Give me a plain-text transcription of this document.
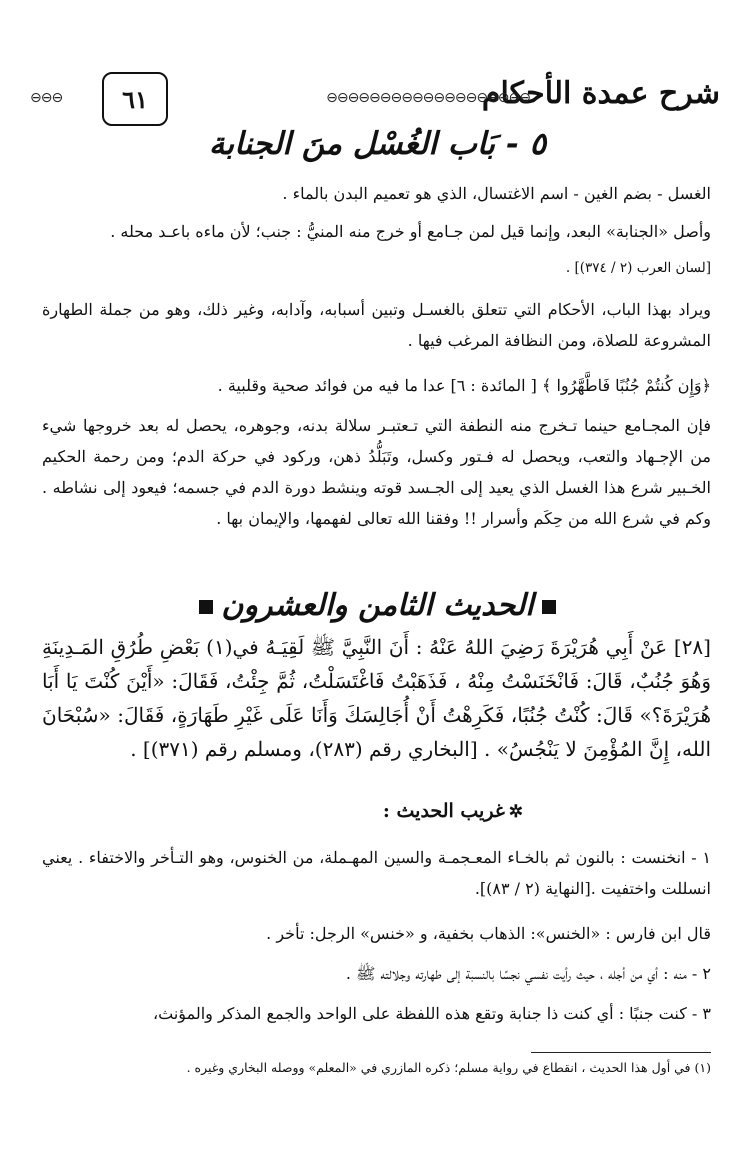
شرح عمدة الأحكام
⊖⊖⊖⊖⊖⊖⊖⊖⊖⊖⊖⊖⊖⊖⊖⊖⊖⊖⊖
٦١
⊖⊖⊖
٥ - بَاب الغُسْل منَ الجنابة
الغسل - بضم الغين - اسم الاغتسال، الذي هو تعميم البدن بالماء .
وأصل «الجنابة» البعد، وإنما قيل لمن جـامع أو خرج منه المنيُّ : جنب؛ لأن ماءه باعـد محله .
[لسان العرب (٢ / ٣٧٤)] .
ويراد بهذا الباب، الأحكام التي تتعلق بالغسـل وتبين أسبابه، وآدابه، وغير ذلك، وهو من جملة الطهارة المشروعة للصلاة، ومن النظافة المرغب فيها .
﴿وَإِن كُنتُمْ جُنُبًا فَاطَّهَّرُوا ﴾ [ المائدة : ٦] عدا ما فيه من فوائد صحية وقلبية .
فإن المجـامع حينما تـخرج منه النطفة التي تـعتبـر سلالة بدنه، وجوهره، يحصل له بعد خروجها شيء من الإجـهاد والتعب، ويحصل له فـتور وكسل، وتَبَلُّدُ ذهن، وركود في حركة الدم؛ ومن رحمة الحكيم الخـبير شرع هذا الغسل الذي يعيد إلى الجـسد قوته وينشط دورة الدم في جسمه؛ فيعود إلى نشاطه . وكم في شرع الله من حِكَم وأسرار !! وفقنا الله تعالى لفهمها، والإيمان بها .
الحديث الثامن والعشرون
[٢٨] عَنْ أَبِي هُرَيْرَةَ رَضِيَ اللهُ عَنْهُ : أَنَ النَّبِيَّ ﷺ لَقِيَـهُ في(١) بَعْضِ طُرُقِ المَـدِينَةِ وَهُوَ جُنُبٌ، قَالَ: فَانْخَنَسْتُ مِنْهُ ، فَذَهَبْتُ فَاغْتَسَلْتُ، ثُمَّ جِئْتُ، فَقَالَ: «أَيْنَ كُنْتَ يَا أَبَا هُرَيْرَةَ؟» قَالَ: كُنْتُ جُنُبًا، فَكَرِهْتُ أَنْ أُجَالِسَكَ وَأَنَا عَلَى غَيْرِ طَهَارَةٍ، فَقَالَ: «سُبْحَانَ الله، إِنَّ المُؤْمِنَ لا يَنْجُسُ» . [البخاري رقم (٢٨٣)، ومسلم رقم (٣٧١)] .
✲غريب الحديث :
١ - انخنست : بالنون ثم بالخـاء المعـجمـة والسين المهـملة، من الخنوس، وهو التـأخر والاختفاء . يعني انسللت واختفيت .[النهاية (٢ / ٨٣)].
قال ابن فارس : «الخنس»: الذهاب بخفية، و «خنس» الرجل: تأخر .
٢ - منه : أي من أجله ، حيث رأيت نفسي نجسًا بالنسبة إلى طهارته وجلالته ﷺ .
٣ - كنت جنبًا : أي كنت ذا جنابة وتقع هذه اللفظة على الواحد والجمع المذكر والمؤنث،
(١) في أول هذا الحديث ، انقطاع في رواية مسلم؛ ذكره المازري في «المعلم» ووصله البخاري وغيره .
